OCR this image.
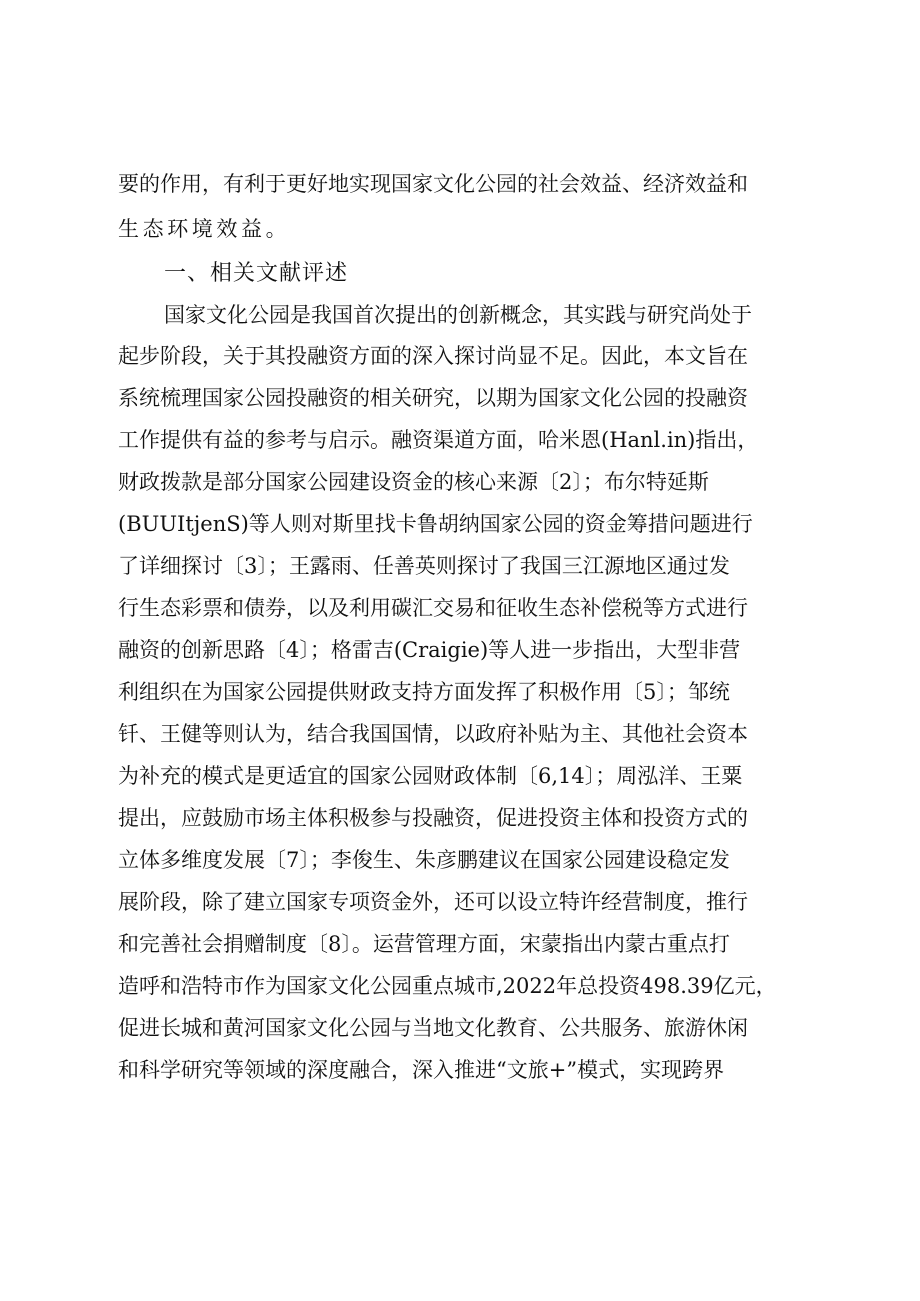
要的作用，有利于更好地实现国家文化公园的社会效益、经济效益和
生态环境效益。
一、相关文献评述
国家文化公园是我国首次提出的创新概念，其实践与研究尚处于
起步阶段，关于其投融资方面的深入探讨尚显不足。因此，本文旨在
系统梳理国家公园投融资的相关研究，以期为国家文化公园的投融资
工作提供有益的参考与启示。融资渠道方面，哈米恩(Hanl.in)指出，
财政拨款是部分国家公园建设资金的核心来源〔2〕；布尔特延斯
(BUUItjenS)等人则对斯里找卡鲁胡纳国家公园的资金筹措问题进行
了详细探讨〔3〕；王露雨、任善英则探讨了我国三江源地区通过发
行生态彩票和债券，以及利用碳汇交易和征收生态补偿税等方式进行
融资的创新思路〔4〕；格雷吉(Craigie)等人进一步指出，大型非营
利组织在为国家公园提供财政支持方面发挥了积极作用〔5〕；邹统
钎、王健等则认为，结合我国国情，以政府补贴为主、其他社会资本
为补充的模式是更适宜的国家公园财政体制〔6,14〕；周泓洋、王粟
提出，应鼓励市场主体积极参与投融资，促进投资主体和投资方式的
立体多维度发展〔7〕；李俊生、朱彦鹏建议在国家公园建设稳定发
展阶段，除了建立国家专项资金外，还可以设立特许经营制度，推行
和完善社会捐赠制度〔8〕。运营管理方面，宋蒙指出内蒙古重点打
造呼和浩特市作为国家文化公园重点城市,2022年总投资498.39亿元，
促进长城和黄河国家文化公园与当地文化教育、公共服务、旅游休闲
和科学研究等领域的深度融合，深入推进“文旅+”模式，实现跨界
